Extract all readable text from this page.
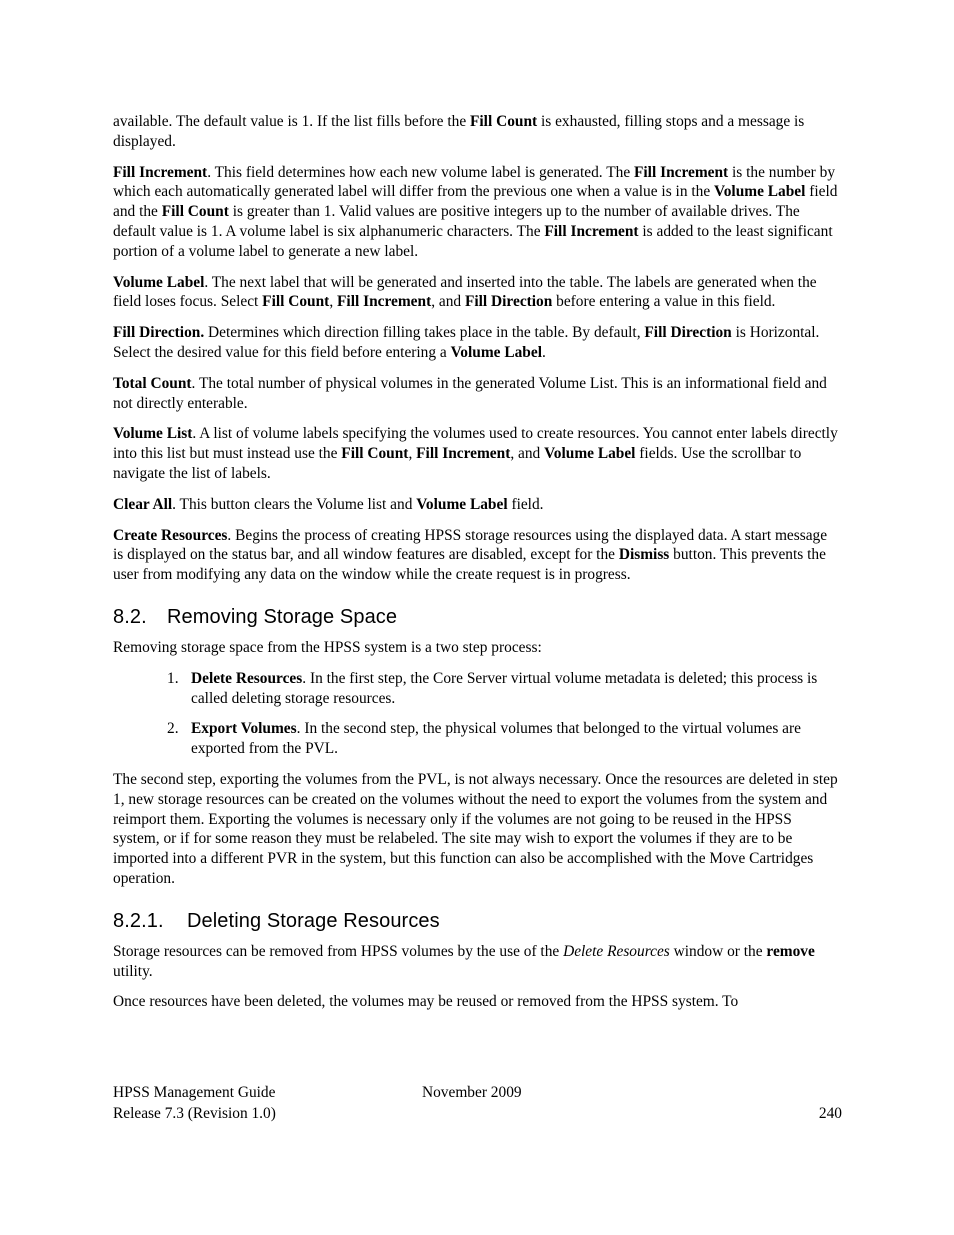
available. The default value is 1. If the list fills before the Fill Count is exhausted, filling stops and a message is displayed.

Fill Increment. This field determines how each new volume label is generated. The Fill Increment is the number by which each automatically generated label will differ from the previous one when a value is in the Volume Label field and the Fill Count is greater than 1. Valid values are positive integers up to the number of available drives. The default value is 1. A volume label is six alphanumeric characters. The Fill Increment is added to the least significant portion of a volume label to generate a new label.

Volume Label. The next label that will be generated and inserted into the table. The labels are generated when the field loses focus. Select Fill Count, Fill Increment, and Fill Direction before entering a value in this field.

Fill Direction. Determines which direction filling takes place in the table. By default, Fill Direction is Horizontal. Select the desired value for this field before entering a Volume Label.

Total Count. The total number of physical volumes in the generated Volume List. This is an informational field and not directly enterable.

Volume List. A list of volume labels specifying the volumes used to create resources. You cannot enter labels directly into this list but must instead use the Fill Count, Fill Increment, and Volume Label fields. Use the scrollbar to navigate the list of labels.

Clear All. This button clears the Volume list and Volume Label field.

Create Resources. Begins the process of creating HPSS storage resources using the displayed data. A start message is displayed on the status bar, and all window features are disabled, except for the Dismiss button. This prevents the user from modifying any data on the window while the create request is in progress.

8.2. Removing Storage Space

Removing storage space from the HPSS system is a two step process:

1. Delete Resources. In the first step, the Core Server virtual volume metadata is deleted; this process is called deleting storage resources.
2. Export Volumes. In the second step, the physical volumes that belonged to the virtual volumes are exported from the PVL.

The second step, exporting the volumes from the PVL, is not always necessary. Once the resources are deleted in step 1, new storage resources can be created on the volumes without the need to export the volumes from the system and reimport them. Exporting the volumes is necessary only if the volumes are not going to be reused in the HPSS system, or if for some reason they must be relabeled. The site may wish to export the volumes if they are to be imported into a different PVR in the system, but this function can also be accomplished with the Move Cartridges operation.

8.2.1. Deleting Storage Resources

Storage resources can be removed from HPSS volumes by the use of the Delete Resources window or the remove utility.

Once resources have been deleted, the volumes may be reused or removed from the HPSS system. To

HPSS Management Guide	November 2009
Release 7.3 (Revision 1.0)	240
